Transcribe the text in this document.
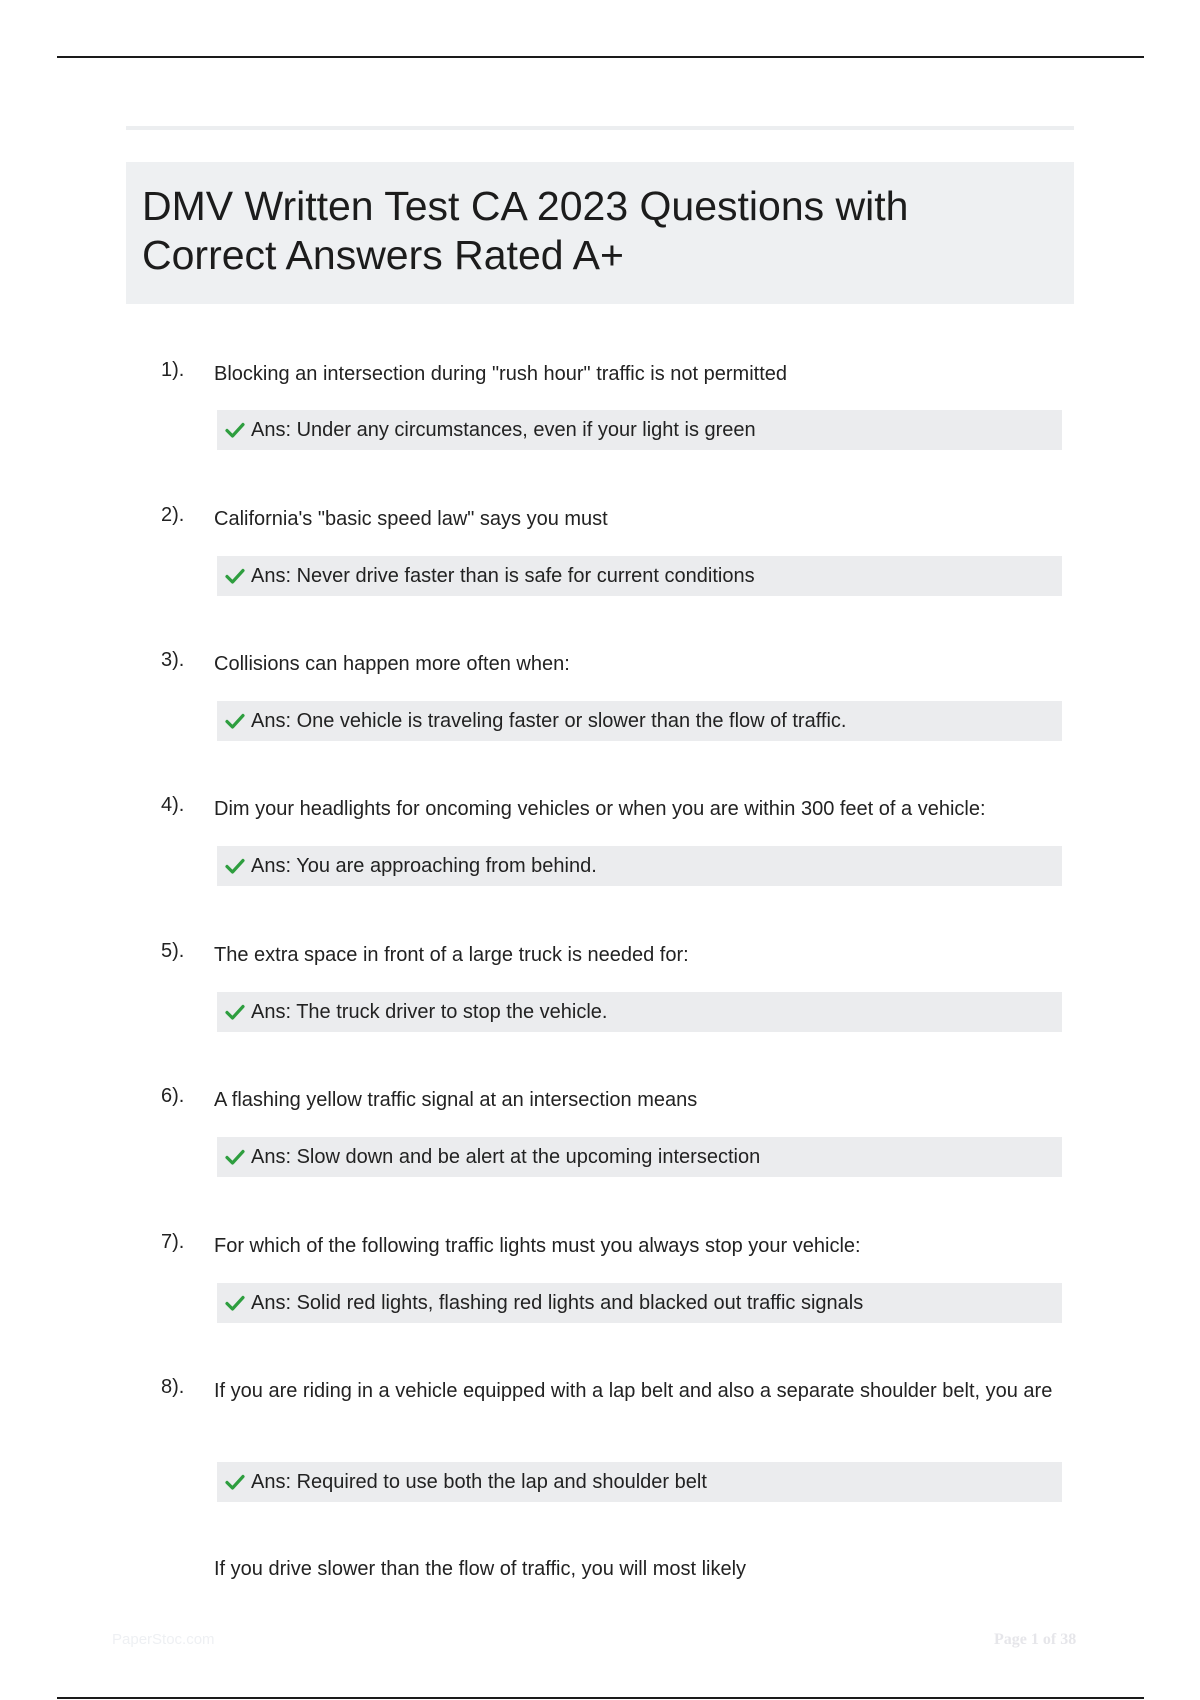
DMV Written Test CA 2023 Questions with Correct Answers Rated A+
1). Blocking an intersection during "rush hour" traffic is not permitted
Ans: Under any circumstances, even if your light is green
2). California's "basic speed law" says you must
Ans: Never drive faster than is safe for current conditions
3). Collisions can happen more often when:
Ans: One vehicle is traveling faster or slower than the flow of traffic.
4). Dim your headlights for oncoming vehicles or when you are within 300 feet of a vehicle:
Ans: You are approaching from behind.
5). The extra space in front of a large truck is needed for:
Ans: The truck driver to stop the vehicle.
6). A flashing yellow traffic signal at an intersection means
Ans: Slow down and be alert at the upcoming intersection
7). For which of the following traffic lights must you always stop your vehicle:
Ans: Solid red lights, flashing red lights and blacked out traffic signals
8). If you are riding in a vehicle equipped with a lap belt and also a separate shoulder belt, you are
Ans: Required to use both the lap and shoulder belt
If you drive slower than the flow of traffic, you will most likely
PaperStoc.com	Page 1 of 38
